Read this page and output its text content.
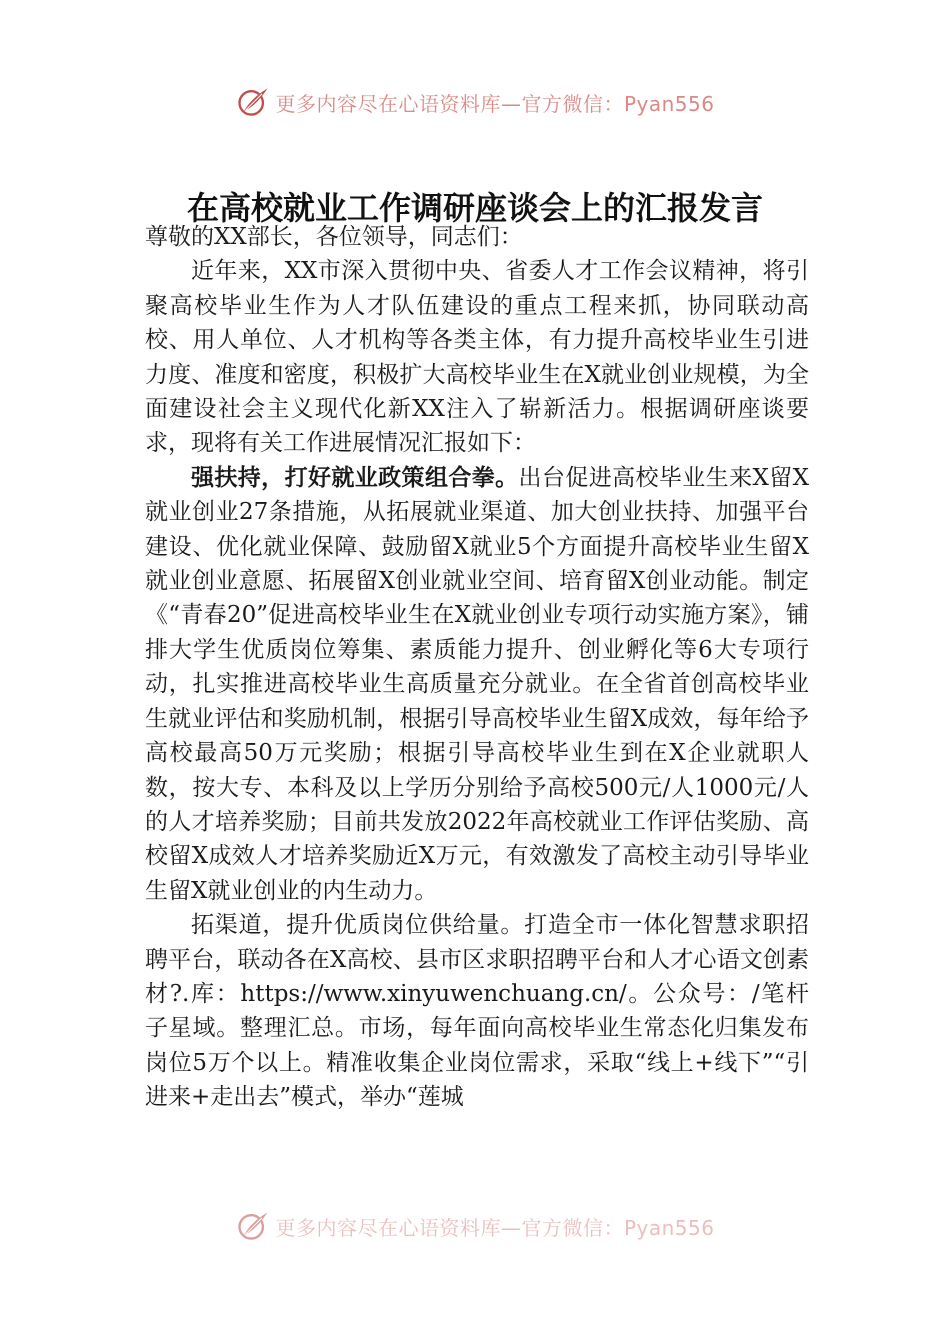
更多内容尽在心语资料库—官方微信：Pyan556
在高校就业工作调研座谈会上的汇报发言

尊敬的XX部长，各位领导，同志们：

近年来，XX市深入贯彻中央、省委人才工作会议精神，将引聚高校毕业生作为人才队伍建设的重点工程来抓，协同联动高校、用人单位、人才机构等各类主体，有力提升高校毕业生引进力度、准度和密度，积极扩大高校毕业生在X就业创业规模，为全面建设社会主义现代化新XX注入了崭新活力。根据调研座谈要求，现将有关工作进展情况汇报如下：

强扶持，打好就业政策组合拳。出台促进高校毕业生来X留X就业创业27条措施，从拓展就业渠道、加大创业扶持、加强平台建设、优化就业保障、鼓励留X就业5个方面提升高校毕业生留X就业创业意愿、拓展留X创业就业空间、培育留X创业动能。制定《“青春20”促进高校毕业生在X就业创业专项行动实施方案》，铺排大学生优质岗位筹集、素质能力提升、创业孵化等6大专项行动，扎实推进高校毕业生高质量充分就业。在全省首创高校毕业生就业评估和奖励机制，根据引导高校毕业生留X成效，每年给予高校最高50万元奖励；根据引导高校毕业生到在X企业就职人数，按大专、本科及以上学历分别给予高校500元/人1000元/人的人才培养奖励；目前共发放2022年高校就业工作评估奖励、高校留X成效人才培养奖励近X万元，有效激发了高校主动引导毕业生留X就业创业的内生动力。

拓渠道，提升优质岗位供给量。打造全市一体化智慧求职招聘平台，联动各在X高校、县市区求职招聘平台和人才心语文创素材?.库：https://www.xinyuwenchuang.cn/。公众号：/笔杆子星域。整理汇总。市场，每年面向高校毕业生常态化归集发布岗位5万个以上。精准收集企业岗位需求，采取“线上+线下”“引进来+走出去”模式，举办“莲城

更多内容尽在心语资料库—官方微信：Pyan556
